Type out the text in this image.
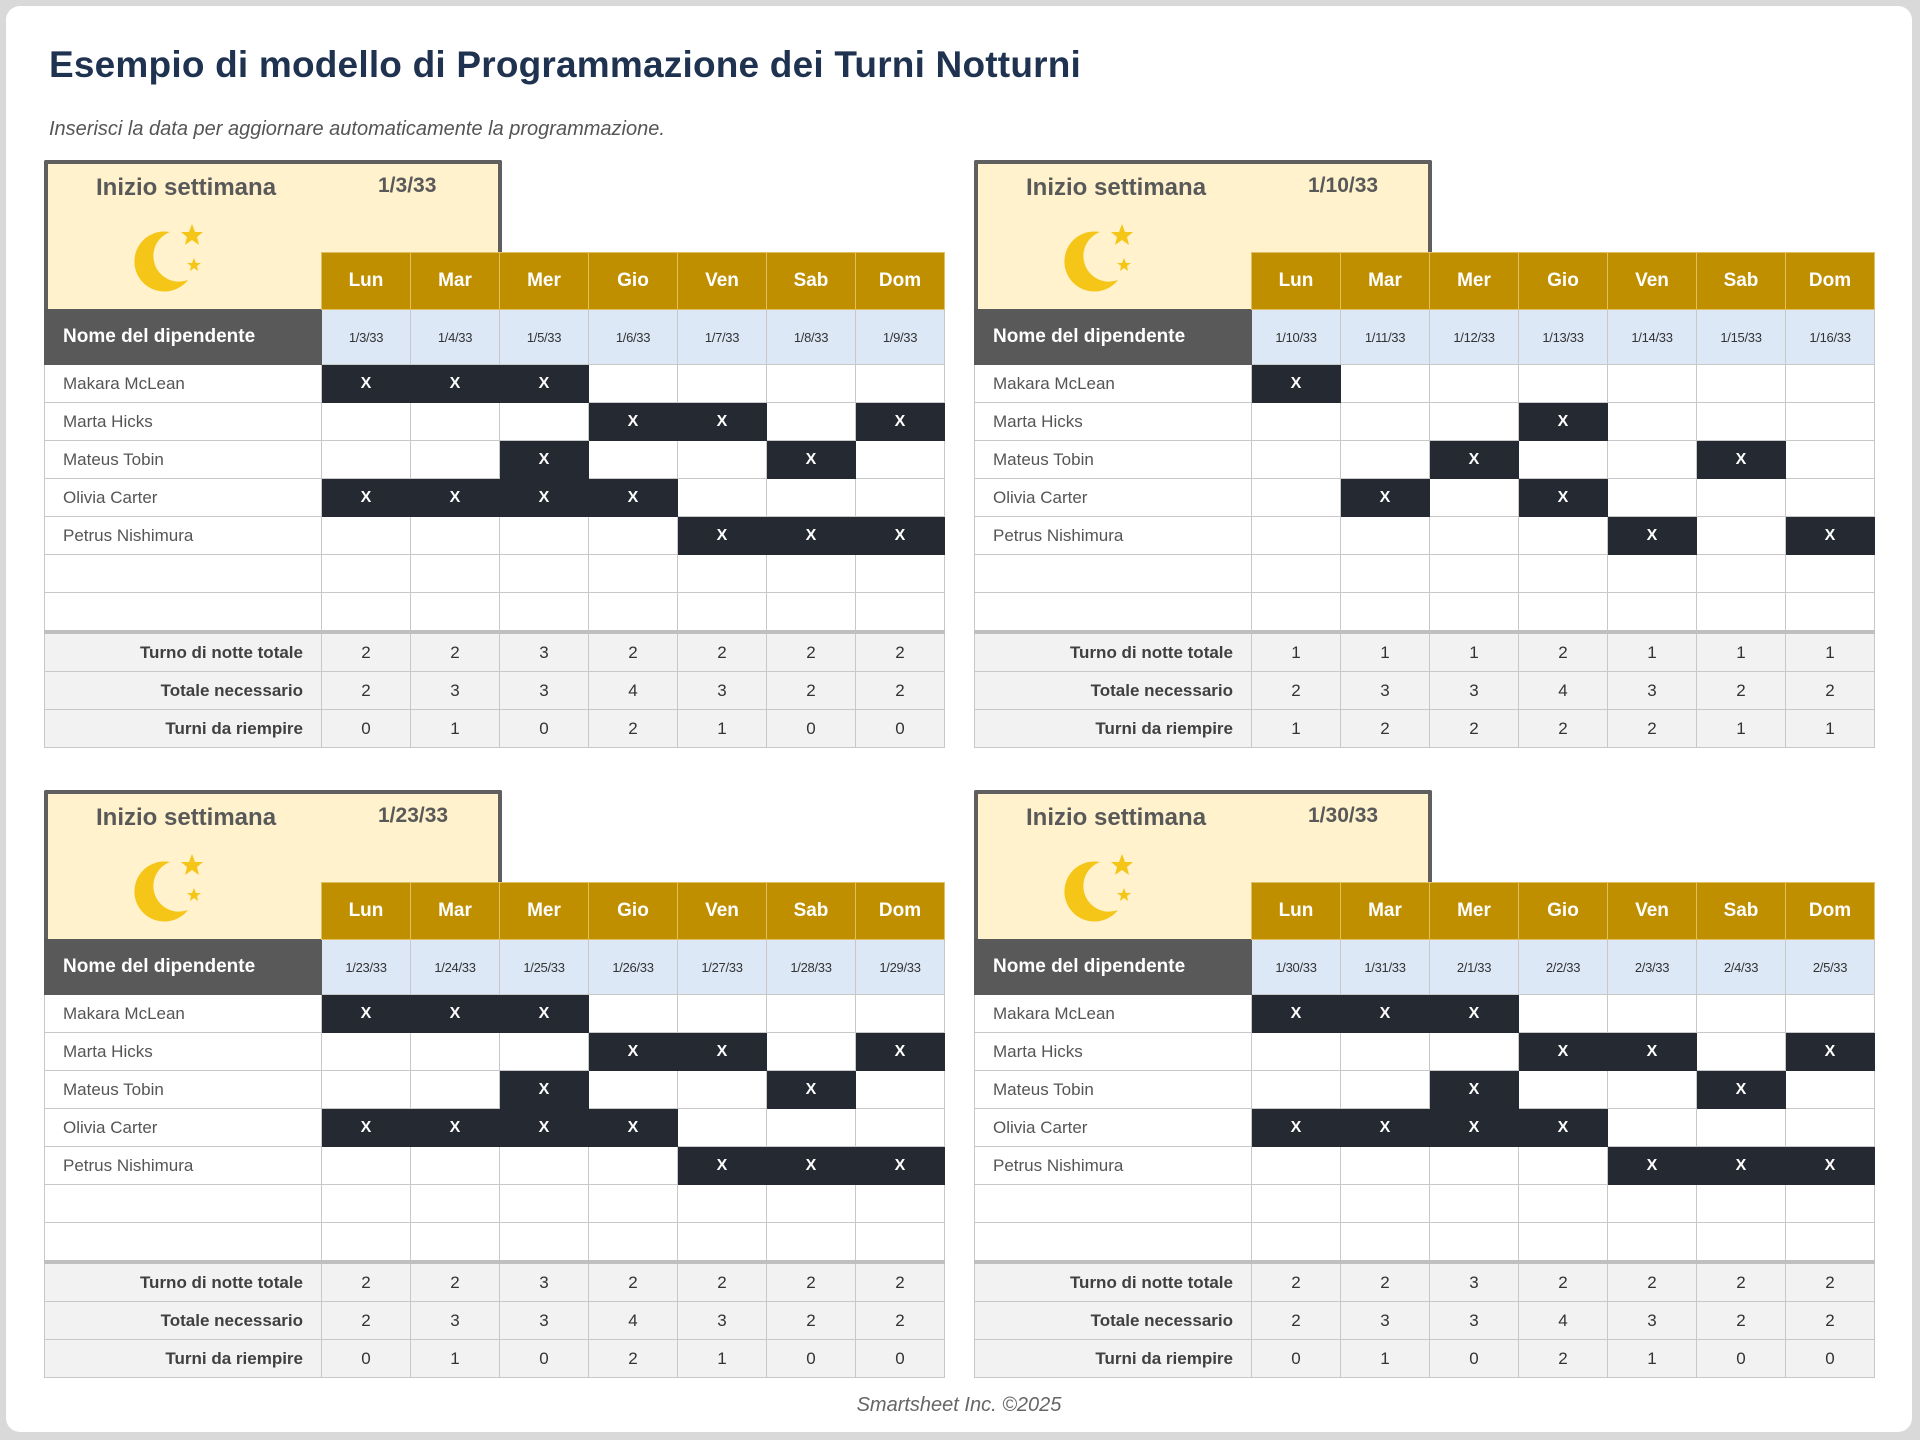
Esempio di modello di Programmazione dei Turni Notturni
Inserisci la data per aggiornare automaticamente la programmazione.
Inizio settimana	1/3/33
	Lun	Mar	Mer	Gio	Ven	Sab	Dom
Nome del dipendente	1/3/33	1/4/33	1/5/33	1/6/33	1/7/33	1/8/33	1/9/33
Makara McLean	X	X	X				
Marta Hicks				X	X		X
Mateus Tobin			X			X	
Olivia Carter	X	X	X	X			
Petrus Nishimura					X	X	X

Turno di notte totale	2	2	3	2	2	2	2
Totale necessario	2	3	3	4	3	2	2
Turni da riempire	0	1	0	2	1	0	0
Inizio settimana	1/10/33
	Lun	Mar	Mer	Gio	Ven	Sab	Dom
Nome del dipendente	1/10/33	1/11/33	1/12/33	1/13/33	1/14/33	1/15/33	1/16/33
Makara McLean	X						
Marta Hicks				X			
Mateus Tobin			X			X	
Olivia Carter		X		X			
Petrus Nishimura					X		X

Turno di notte totale	1	1	1	2	1	1	1
Totale necessario	2	3	3	4	3	2	2
Turni da riempire	1	2	2	2	2	1	1
Inizio settimana	1/23/33
	Lun	Mar	Mer	Gio	Ven	Sab	Dom
Nome del dipendente	1/23/33	1/24/33	1/25/33	1/26/33	1/27/33	1/28/33	1/29/33
Makara McLean	X	X	X				
Marta Hicks				X	X		X
Mateus Tobin			X			X	
Olivia Carter	X	X	X	X			
Petrus Nishimura					X	X	X

Turno di notte totale	2	2	3	2	2	2	2
Totale necessario	2	3	3	4	3	2	2
Turni da riempire	0	1	0	2	1	0	0
Inizio settimana	1/30/33
	Lun	Mar	Mer	Gio	Ven	Sab	Dom
Nome del dipendente	1/30/33	1/31/33	2/1/33	2/2/33	2/3/33	2/4/33	2/5/33
Makara McLean	X	X	X				
Marta Hicks				X	X		X
Mateus Tobin			X			X	
Olivia Carter	X	X	X	X			
Petrus Nishimura					X	X	X

Turno di notte totale	2	2	3	2	2	2	2
Totale necessario	2	3	3	4	3	2	2
Turni da riempire	0	1	0	2	1	0	0
Smartsheet Inc. ©2025
